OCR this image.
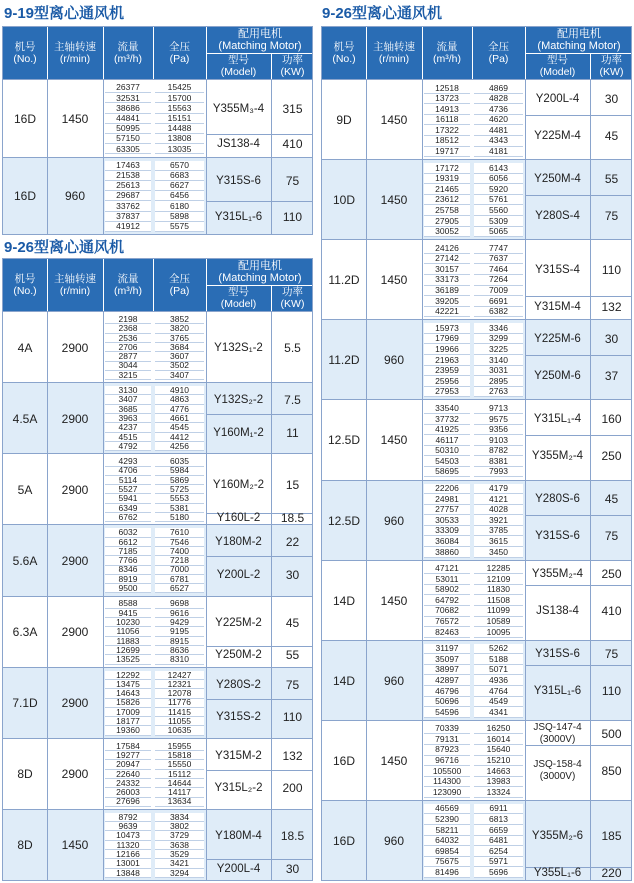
9-19型离心通风机
9-26型离心通风机
9-26型离心通风机
机号
(No.)
主轴转速
(r/min)
流量
(m³/h)
全压
(Pa)
配用电机
(Matching Motor)
型号
(Model)
功率
(KW)
16D	1450
26377	15425
32531	15700
38686	15563
44841	15151
50995	14488
57150	13808
63305	13035
Y355M₃-4	315
JS138-4	410
16D	960
17463	6570
21538	6683
25613	6627
29687	6456
33762	6180
37837	5898
41912	5575
Y315S-6	75
Y315L₁-6	110
机号
(No.)
主轴转速
(r/min)
流量
(m³/h)
全压
(Pa)
配用电机
(Matching Motor)
型号
(Model)
功率
(KW)
4A	2900
2198	3852
2368	3820
2536	3765
2706	3684
2877	3607
3044	3502
3215	3407
Y132S₁-2	5.5
4.5A	2900
3130	4910
3407	4863
3685	4776
3963	4661
4237	4545
4515	4412
4792	4256
Y132S₂-2	7.5
Y160M₁-2	11
5A	2900
4293	6035
4706	5984
5114	5869
5527	5725
5941	5553
6349	5381
6762	5180
Y160M₂-2	15
Y160L-2	18.5
5.6A	2900
6032	7610
6612	7546
7185	7400
7766	7218
8346	7000
8919	6781
9500	6527
Y180M-2	22
Y200L-2	30
6.3A	2900
8588	9698
9415	9616
10230	9429
11056	9195
11883	8915
12699	8636
13525	8310
Y225M-2	45
Y250M-2	55
7.1D	2900
12292	12427
13475	12321
14643	12078
15826	11776
17009	11415
18177	11055
19360	10635
Y280S-2	75
Y315S-2	110
8D	2900
17584	15955
19277	15818
20947	15550
22640	15112
24332	14644
26003	14117
27696	13634
Y315M-2	132
Y315L₂-2	200
8D	1450
8792	3834
9639	3802
10473	3729
11320	3638
12166	3529
13001	3421
13848	3294
Y180M-4	18.5
Y200L-4	30
机号
(No.)
主轴转速
(r/min)
流量
(m³/h)
全压
(Pa)
配用电机
(Matching Motor)
型号
(Model)
功率
(KW)
9D	1450
12518	4869
13723	4828
14913	4736
16118	4620
17322	4481
18512	4343
19717	4181
Y200L-4	30
Y225M-4	45
10D	1450
17172	6143
19319	6056
21465	5920
23612	5761
25758	5560
27905	5309
30052	5065
Y250M-4	55
Y280S-4	75
11.2D	1450
24126	7747
27142	7637
30157	7464
33173	7264
36189	7009
39205	6691
42221	6382
Y315S-4	110
Y315M-4	132
11.2D	960
15973	3346
17969	3299
19966	3225
21963	3140
23959	3031
25956	2895
27953	2763
Y225M-6	30
Y250M-6	37
12.5D	1450
33540	9713
37732	9575
41925	9356
46117	9103
50310	8782
54503	8381
58695	7993
Y315L₁-4	160
Y355M₂-4	250
12.5D	960
22206	4179
24981	4121
27757	4028
30533	3921
33309	3785
36084	3615
38860	3450
Y280S-6	45
Y315S-6	75
14D	1450
47121	12285
53011	12109
58902	11830
64792	11508
70682	11099
76572	10589
82463	10095
Y355M₂-4	250
JS138-4	410
14D	960
31197	5262
35097	5188
38997	5071
42897	4936
46796	4764
50696	4549
54596	4341
Y315S-6	75
Y315L₁-6	110
16D	1450
70339	16250
79131	16014
87923	15640
96716	15210
105500	14663
114300	13983
123090	13324
JSQ-147-4
(3000V)	500
JSQ-158-4
(3000V)	850
16D	960
46569	6911
52390	6813
58211	6659
64032	6481
69854	6254
75675	5971
81496	5696
Y355M₂-6	185
Y355L₁-6	220
